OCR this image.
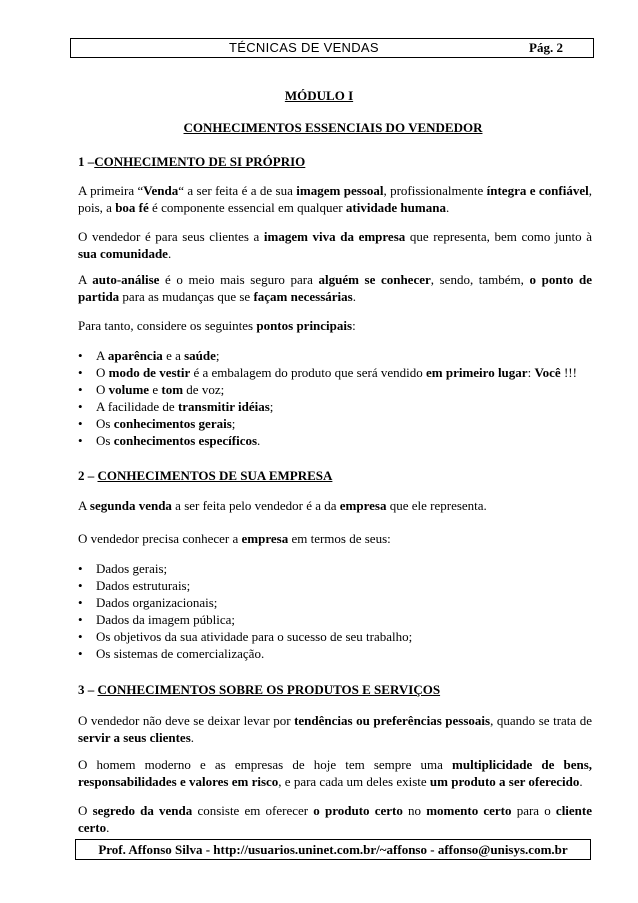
TÉCNICAS DE VENDAS	Pág. 2
MÓDULO I
CONHECIMENTOS ESSENCIAIS DO VENDEDOR
1 –CONHECIMENTO DE SI PRÓPRIO
A primeira “Venda“ a ser feita é a de sua imagem pessoal, profissionalmente íntegra e confiável, pois, a boa fé é componente essencial em qualquer atividade humana.
O vendedor é para seus clientes a imagem viva da empresa que representa, bem como junto à sua comunidade.
A auto-análise é o meio mais seguro para alguém se conhecer, sendo, também, o ponto de partida para as mudanças que se façam necessárias.
Para tanto, considere os seguintes pontos principais:
• A aparência e a saúde;
• O modo de vestir é a embalagem do produto que será vendido em primeiro lugar: Você !!!
• O volume e tom de voz;
• A facilidade de transmitir idéias;
• Os conhecimentos gerais;
• Os conhecimentos específicos.
2 – CONHECIMENTOS DE SUA EMPRESA
A segunda venda a ser feita pelo vendedor é a da empresa que ele representa.
O vendedor precisa conhecer a empresa em termos de seus:
• Dados gerais;
• Dados estruturais;
• Dados organizacionais;
• Dados da imagem pública;
• Os objetivos da sua atividade para o sucesso de seu trabalho;
• Os sistemas de comercialização.
3 – CONHECIMENTOS SOBRE OS PRODUTOS E SERVIÇOS
O vendedor não deve se deixar levar por tendências ou preferências pessoais, quando se trata de servir a seus clientes.
O homem moderno e as empresas de hoje tem sempre uma multiplicidade de bens, responsabilidades e valores em risco, e para cada um deles existe um produto a ser oferecido.
O segredo da venda consiste em oferecer o produto certo no momento certo para o cliente certo.
Prof. Affonso Silva - http://usuarios.uninet.com.br/~affonso - affonso@unisys.com.br
